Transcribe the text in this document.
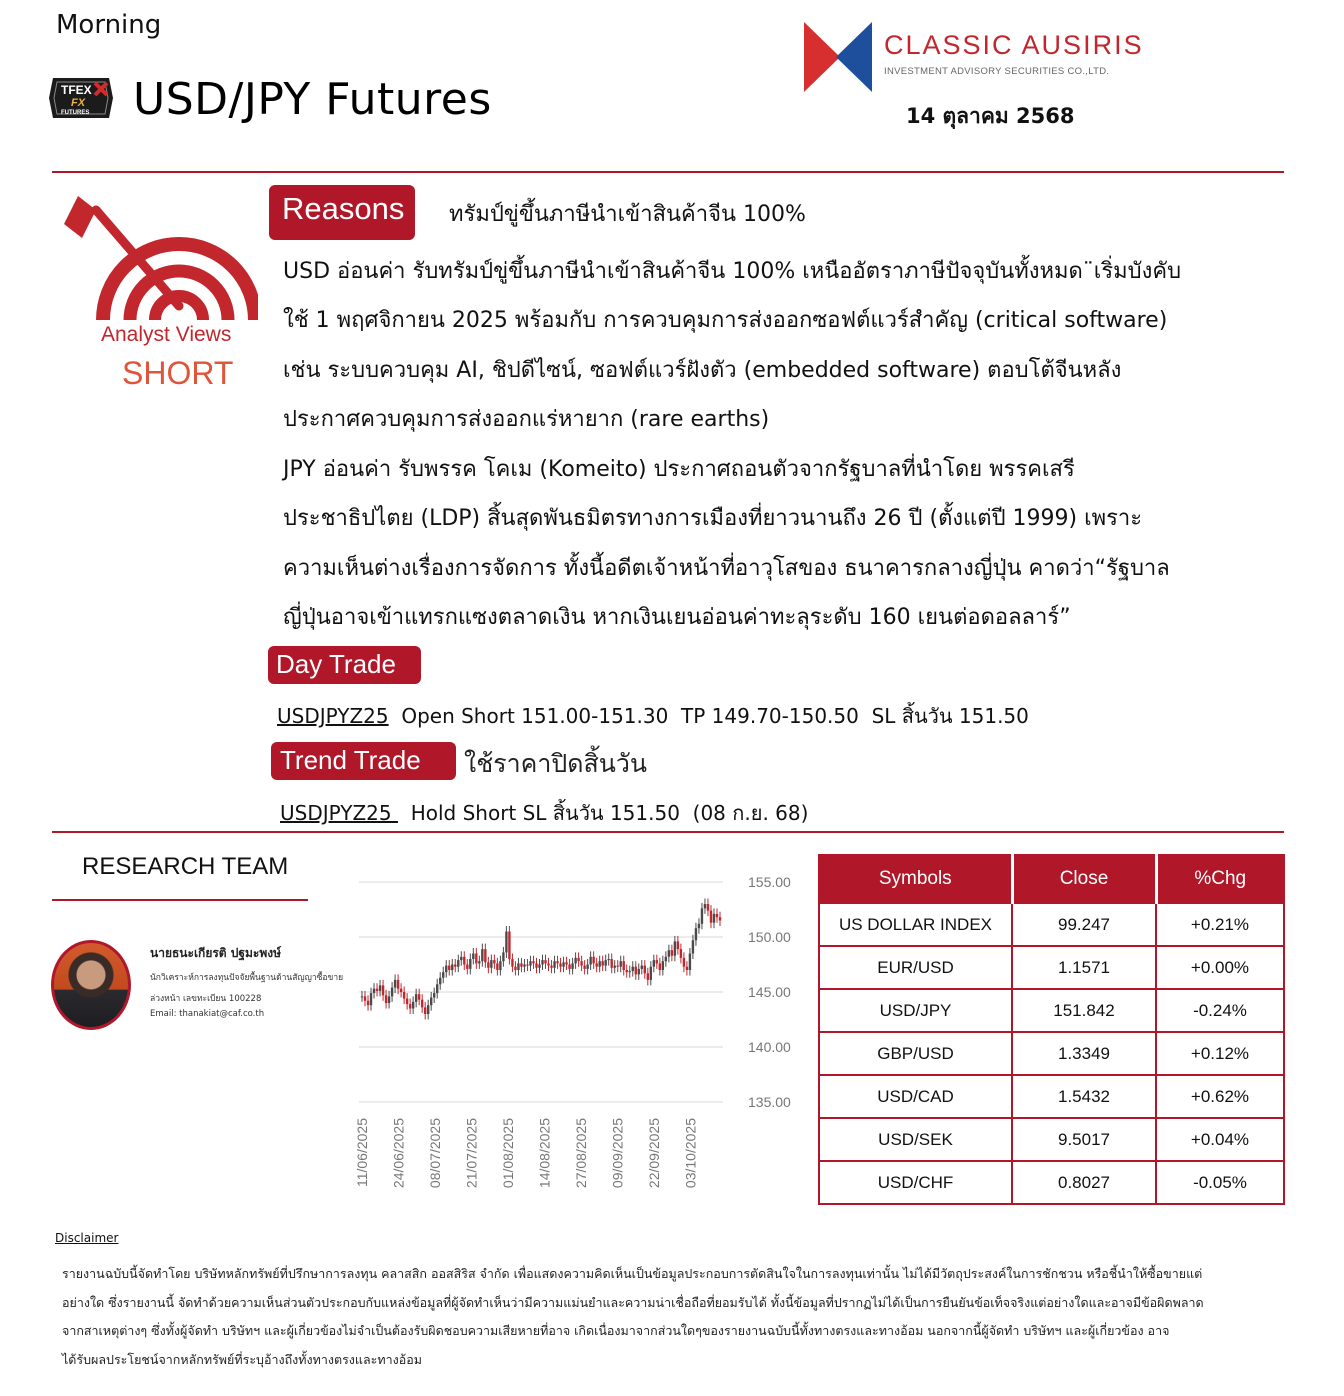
Morning
TFEX
FX
FUTURES USD/JPY Futures
CLASSIC AUSIRIS
INVESTMENT ADVISORY SECURITIES CO.,LTD.
14 ตุลาคม 2568
Analyst Views
SHORT
Reasons	ทรัมป์ขู่ขึ้นภาษีนำเข้าสินค้าจีน 100%
USD อ่อนค่า รับทรัมป์ขู่ขึ้นภาษีนำเข้าสินค้าจีน 100% เหนืออัตราภาษีปัจจุบันทั้งหมด¨เริ่มบังคับ
ใช้ 1 พฤศจิกายน 2025 พร้อมกับ การควบคุมการส่งออกซอฟต์แวร์สำคัญ (critical software)
เช่น ระบบควบคุม AI, ชิปดีไซน์, ซอฟต์แวร์ฝังตัว (embedded software) ตอบโต้จีนหลัง
ประกาศควบคุมการส่งออกแร่หายาก (rare earths)
JPY อ่อนค่า รับพรรค โคเม (Komeito) ประกาศถอนตัวจากรัฐบาลที่นำโดย พรรคเสรี
ประชาธิปไตย (LDP) สิ้นสุดพันธมิตรทางการเมืองที่ยาวนานถึง 26 ปี (ตั้งแต่ปี 1999) เพราะ
ความเห็นต่างเรื่องการจัดการ ทั้งนี้อดีตเจ้าหน้าที่อาวุโสของ ธนาคารกลางญี่ปุ่น คาดว่า“รัฐบาล
ญี่ปุ่นอาจเข้าแทรกแซงตลาดเงิน หากเงินเยนอ่อนค่าทะลุระดับ 160 เยนต่อดอลลาร์”
Day Trade
USDJPYZ25  Open Short 151.00-151.30  TP 149.70-150.50  SL สิ้นวัน 151.50
Trend Trade	ใช้ราคาปิดสิ้นวัน
USDJPYZ25   Hold Short SL สิ้นวัน 151.50  (08 ก.ย. 68)
RESEARCH TEAM
นายธนะเกียรติ ปฐมะพงษ์
นักวิเคราะห์การลงทุนปัจจัยพื้นฐานด้านสัญญาซื้อขายล่วงหน้า เลขทะเบียน 100228
Email: thanakiat@caf.co.th
155.00
150.00
145.00
140.00
135.00
11/06/2025 24/06/2025 08/07/2025 21/07/2025 01/08/2025 14/08/2025 27/08/2025 09/09/2025 22/09/2025 03/10/2025
Symbols	Close	%Chg
US DOLLAR INDEX	99.247	+0.21%
EUR/USD	1.1571	+0.00%
USD/JPY	151.842	-0.24%
GBP/USD	1.3349	+0.12%
USD/CAD	1.5432	+0.62%
USD/SEK	9.5017	+0.04%
USD/CHF	0.8027	-0.05%
Disclaimer
รายงานฉบับนี้จัดทำโดย บริษัทหลักทรัพย์ที่ปรึกษาการลงทุน คลาสสิก ออสสิริส จำกัด เพื่อแสดงความคิดเห็นเป็นข้อมูลประกอบการตัดสินใจในการลงทุนเท่านั้น ไม่ได้มีวัตถุประสงค์ในการชักชวน หรือชี้นำให้ซื้อขายแต่
อย่างใด ซึ่งรายงานนี้ จัดทำด้วยความเห็นส่วนตัวประกอบกับแหล่งข้อมูลที่ผู้จัดทำเห็นว่ามีความแม่นยำและความน่าเชื่อถือที่ยอมรับได้ ทั้งนี้ข้อมูลที่ปรากฏไม่ได้เป็นการยืนยันข้อเท็จจริงแต่อย่างใดและอาจมีข้อผิดพลาด
จากสาเหตุต่างๆ ซึ่งทั้งผู้จัดทำ บริษัทฯ และผู้เกี่ยวข้องไม่จำเป็นต้องรับผิดชอบความเสียหายที่อาจ เกิดเนื่องมาจากส่วนใดๆของรายงานฉบับนี้ทั้งทางตรงและทางอ้อม นอกจากนี้ผู้จัดทำ บริษัทฯ และผู้เกี่ยวข้อง อาจ
ได้รับผลประโยชน์จากหลักทรัพย์ที่ระบุอ้างถึงทั้งทางตรงและทางอ้อม
